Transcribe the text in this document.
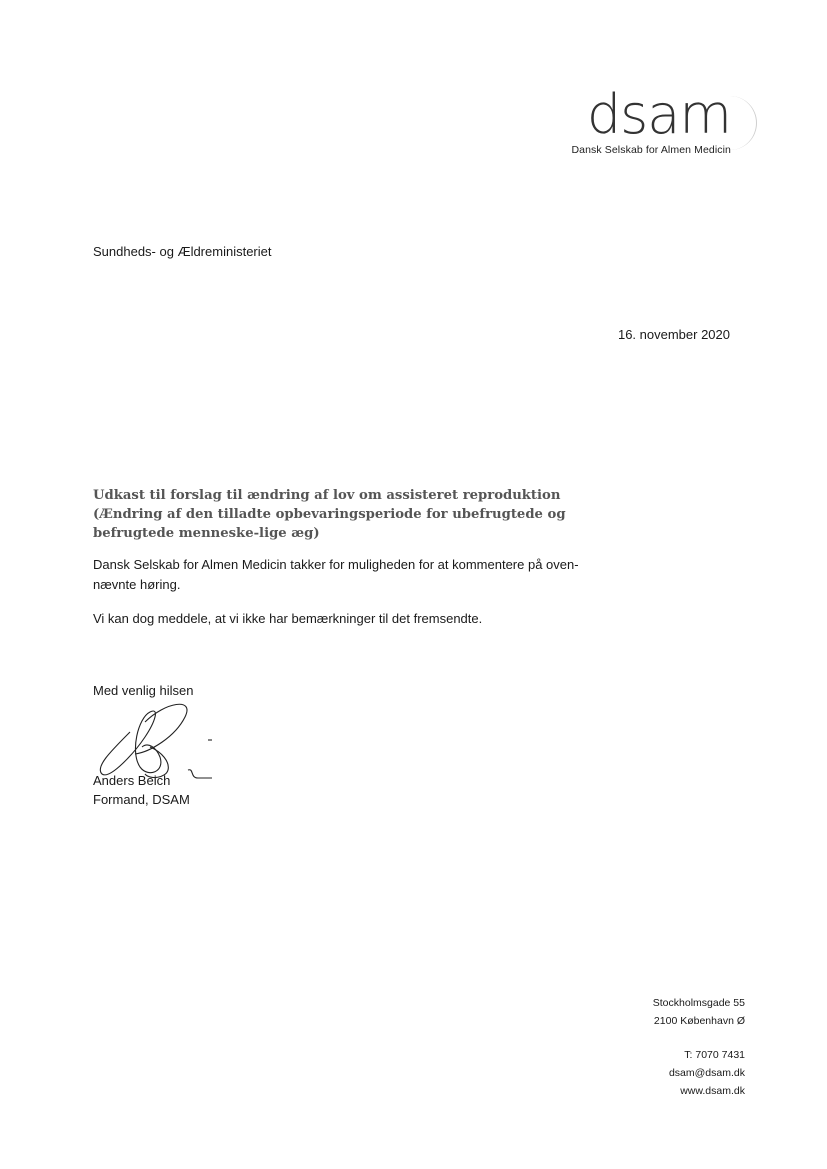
dsam
Dansk Selskab for Almen Medicin
Sundheds- og Ældreministeriet
16. november 2020
Udkast til forslag til ændring af lov om assisteret reproduktion (Ændring af den tilladte opbevaringsperiode for ubefrugtede og befrugtede menneske-lige æg)
Dansk Selskab for Almen Medicin takker for muligheden for at kommentere på oven-nævnte høring.
Vi kan dog meddele, at vi ikke har bemærkninger til det fremsendte.
Med venlig hilsen
Anders Beich
Formand, DSAM
Stockholmsgade 55
2100 København Ø
T: 7070 7431
dsam@dsam.dk
www.dsam.dk
